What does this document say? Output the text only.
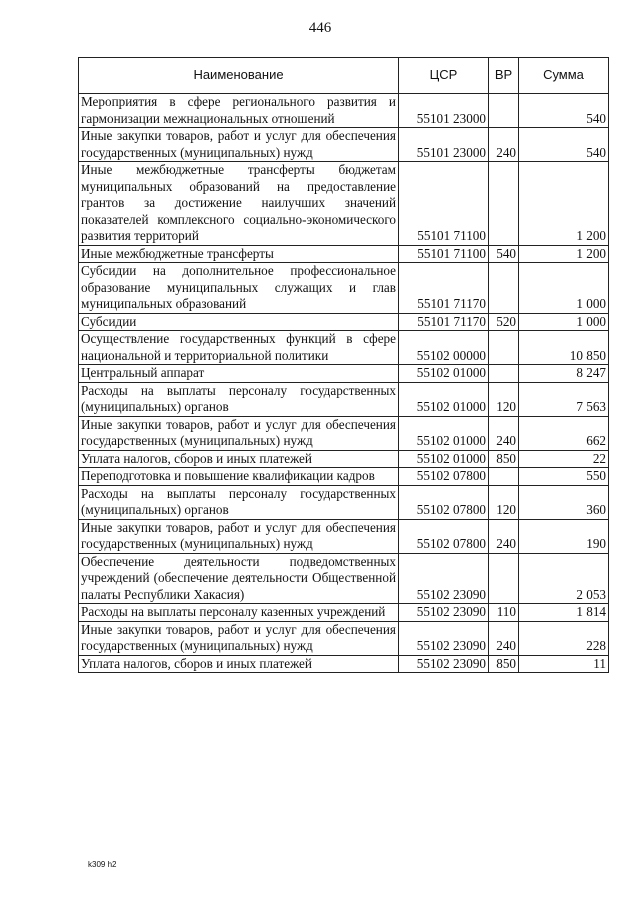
446
Наименование	ЦСР	ВР	Сумма
Мероприятия в сфере регионального развития и гармонизации межнациональных отношений	55101 23000		540
Иные закупки товаров, работ и услуг для обеспечения государственных (муниципальных) нужд	55101 23000	240	540
Иные межбюджетные трансферты бюджетам муниципальных образований на предоставление грантов за достижение наилучших значений показателей комплексного социально-экономического развития территорий	55101 71100		1 200
Иные межбюджетные трансферты	55101 71100	540	1 200
Субсидии на дополнительное профессиональное образование муниципальных служащих и глав муниципальных образований	55101 71170		1 000
Субсидии	55101 71170	520	1 000
Осуществление государственных функций в сфере национальной и территориальной политики	55102 00000		10 850
Центральный аппарат	55102 01000		8 247
Расходы на выплаты персоналу государственных (муниципальных) органов	55102 01000	120	7 563
Иные закупки товаров, работ и услуг для обеспечения государственных (муниципальных) нужд	55102 01000	240	662
Уплата налогов, сборов и иных платежей	55102 01000	850	22
Переподготовка и повышение квалификации кадров	55102 07800		550
Расходы на выплаты персоналу государственных (муниципальных) органов	55102 07800	120	360
Иные закупки товаров, работ и услуг для обеспечения государственных (муниципальных) нужд	55102 07800	240	190
Обеспечение деятельности подведомственных учреждений (обеспечение деятельности Общественной палаты Республики Хакасия)	55102 23090		2 053
Расходы на выплаты персоналу казенных учреждений	55102 23090	110	1 814
Иные закупки товаров, работ и услуг для обеспечения государственных (муниципальных) нужд	55102 23090	240	228
Уплата налогов, сборов и иных платежей	55102 23090	850	11
k309 h2
